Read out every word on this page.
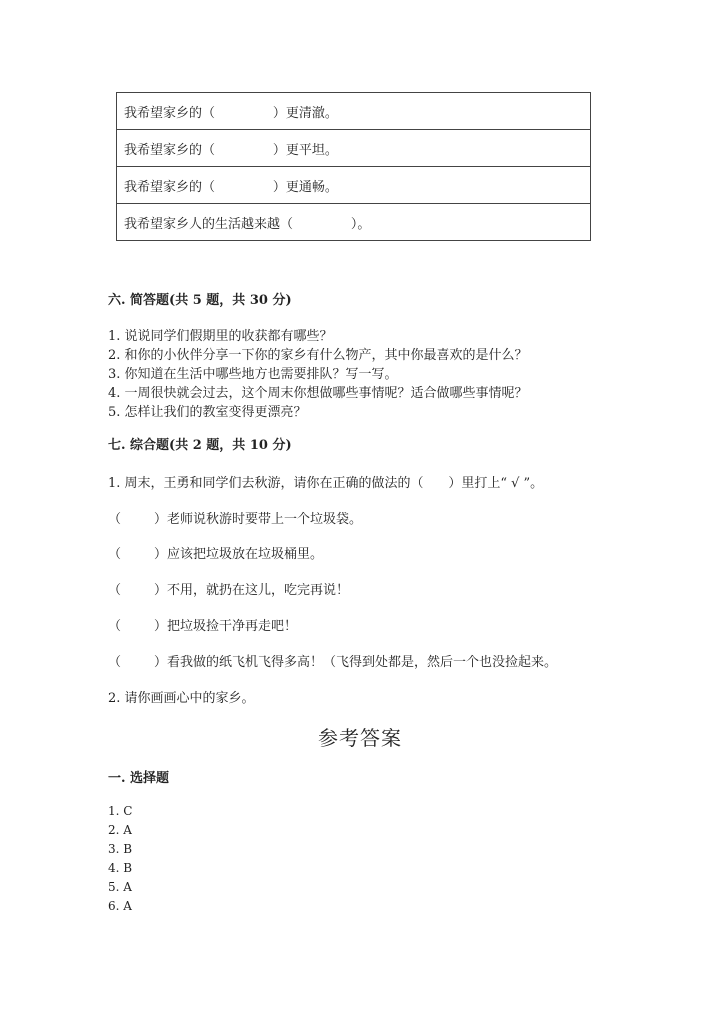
我希望家乡的（              ）更清澈。
我希望家乡的（              ）更平坦。
我希望家乡的（              ）更通畅。
我希望家乡人的生活越来越（              ）。
六. 简答题(共 5 题，共 30 分)
1. 说说同学们假期里的收获都有哪些？
2. 和你的小伙伴分享一下你的家乡有什么物产，其中你最喜欢的是什么？
3. 你知道在生活中哪些地方也需要排队？写一写。
4. 一周很快就会过去，这个周末你想做哪些事情呢？适合做哪些事情呢？
5. 怎样让我们的教室变得更漂亮？
七. 综合题(共 2 题，共 10 分)
1. 周末，王勇和同学们去秋游，请你在正确的做法的（      ）里打上“ √ ”。
（        ）老师说秋游时要带上一个垃圾袋。
（        ）应该把垃圾放在垃圾桶里。
（        ）不用，就扔在这儿，吃完再说！
（        ）把垃圾捡干净再走吧！
（        ）看我做的纸飞机飞得多高！（飞得到处都是，然后一个也没捡起来。
2. 请你画画心中的家乡。
参考答案
一. 选择题
1. C
2. A
3. B
4. B
5. A
6. A
